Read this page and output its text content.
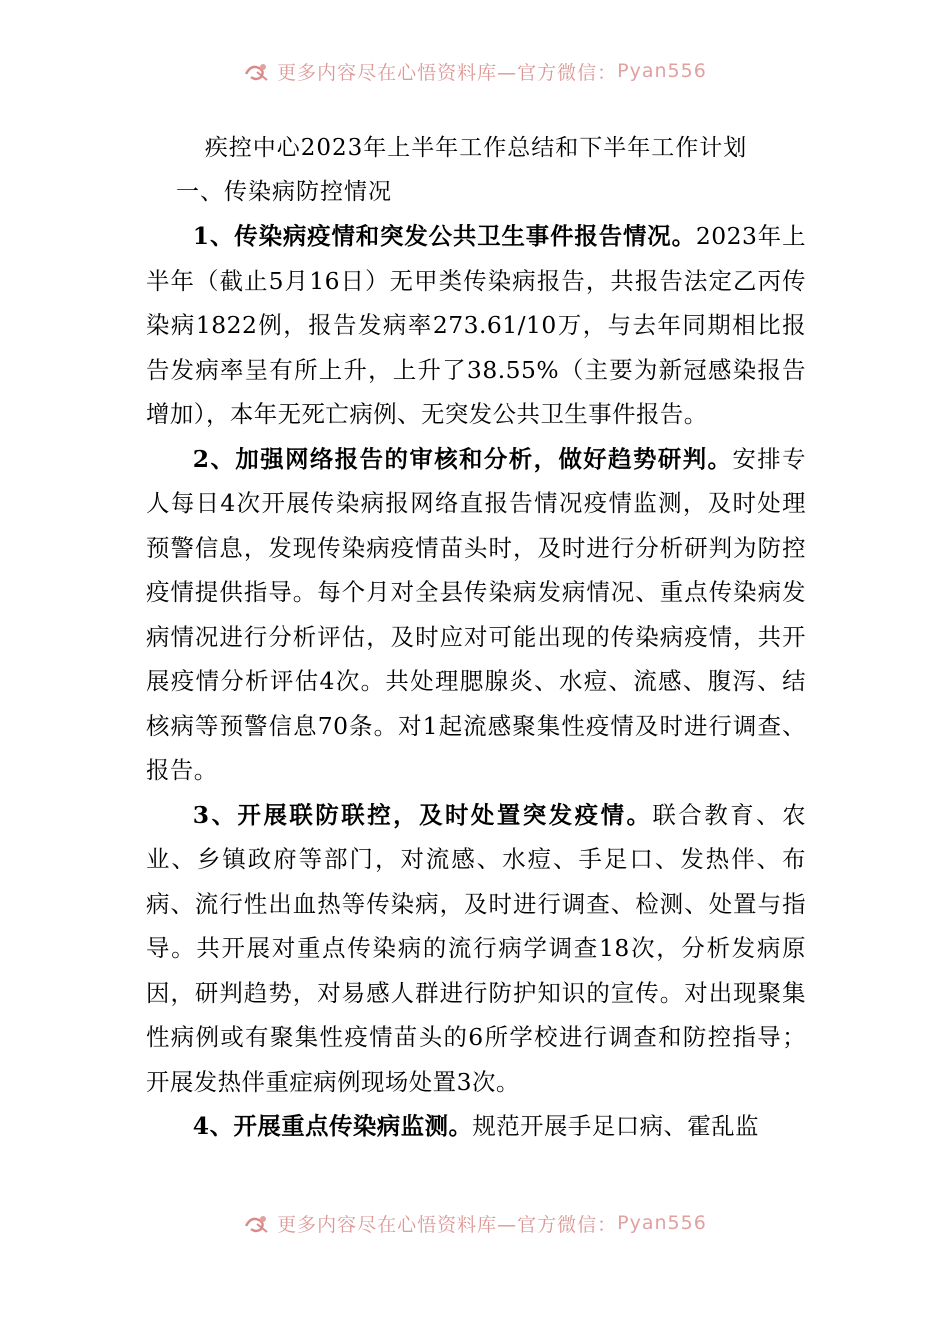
更多内容尽在心悟资料库—官方微信： Pyan556
疾控中心2023年上半年工作总结和下半年工作计划
一、传染病防控情况

1、传染病疫情和突发公共卫生事件报告情况。2023年上半年（截止5月16日）无甲类传染病报告，共报告法定乙丙传染病1822例，报告发病率273.61/10万，与去年同期相比报告发病率呈有所上升，上升了38.55%（主要为新冠感染报告增加），本年无死亡病例、无突发公共卫生事件报告。

2、加强网络报告的审核和分析，做好趋势研判。安排专人每日4次开展传染病报网络直报告情况疫情监测，及时处理预警信息，发现传染病疫情苗头时，及时进行分析研判为防控疫情提供指导。每个月对全县传染病发病情况、重点传染病发病情况进行分析评估，及时应对可能出现的传染病疫情，共开展疫情分析评估4次。共处理腮腺炎、水痘、流感、腹泻、结核病等预警信息70条。对1起流感聚集性疫情及时进行调查、报告。

3、开展联防联控，及时处置突发疫情。联合教育、农业、乡镇政府等部门，对流感、水痘、手足口、发热伴、布病、流行性出血热等传染病，及时进行调查、检测、处置与指导。共开展对重点传染病的流行病学调查18次，分析发病原因，研判趋势，对易感人群进行防护知识的宣传。对出现聚集性病例或有聚集性疫情苗头的6所学校进行调查和防控指导；开展发热伴重症病例现场处置3次。

4、开展重点传染病监测。规范开展手足口病、霍乱监

更多内容尽在心悟资料库—官方微信： Pyan556
